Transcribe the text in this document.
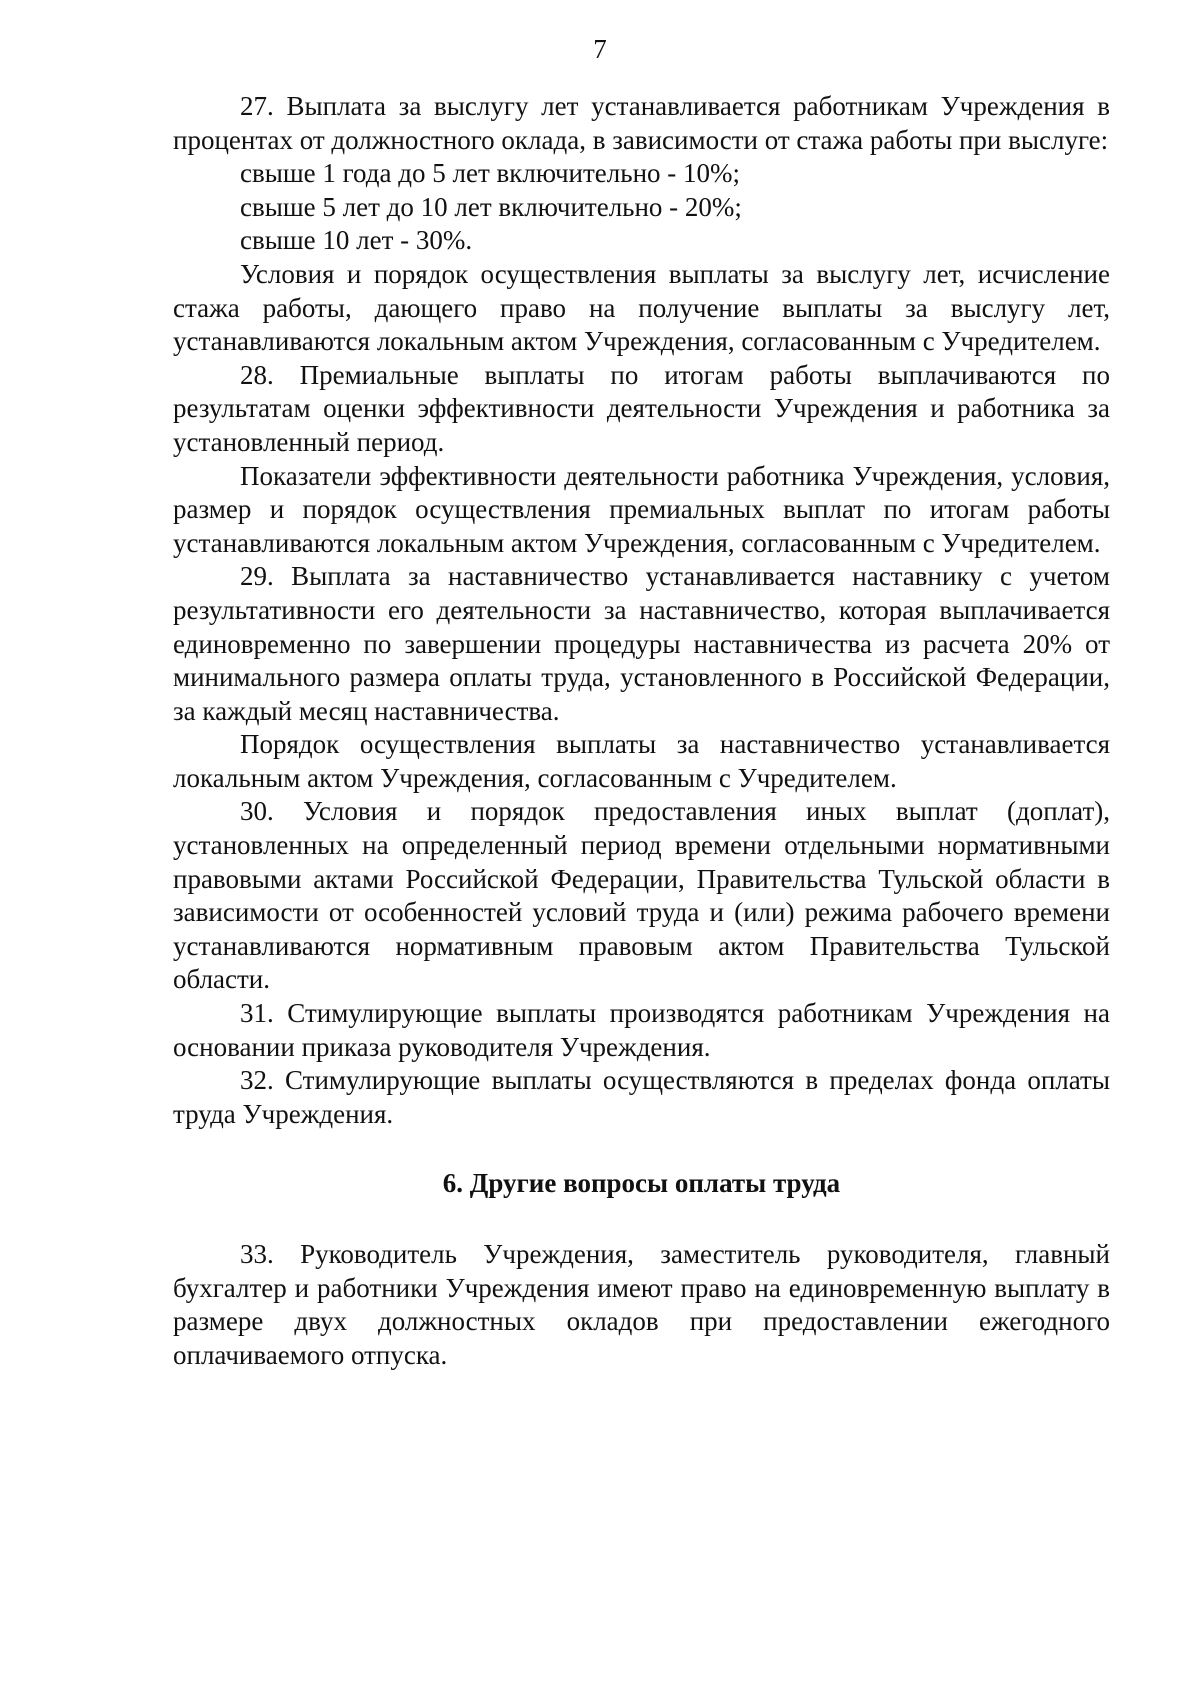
7

27. Выплата за выслугу лет устанавливается работникам Учреждения в процентах от должностного оклада, в зависимости от стажа работы при выслуге:

свыше 1 года до 5 лет включительно - 10%;

свыше 5 лет до 10 лет включительно - 20%;

свыше 10 лет - 30%.

Условия и порядок осуществления выплаты за выслугу лет, исчисление стажа работы, дающего право на получение выплаты за выслугу лет, устанавливаются локальным актом Учреждения, согласованным с Учредителем.

28. Премиальные выплаты по итогам работы выплачиваются по результатам оценки эффективности деятельности Учреждения и работника за установленный период.

Показатели эффективности деятельности работника Учреждения, условия, размер и порядок осуществления премиальных выплат по итогам работы устанавливаются локальным актом Учреждения, согласованным с Учредителем.

29. Выплата за наставничество устанавливается наставнику с учетом результативности его деятельности за наставничество, которая выплачивается единовременно по завершении процедуры наставничества из расчета 20% от минимального размера оплаты труда, установленного в Российской Федерации, за каждый месяц наставничества.

Порядок осуществления выплаты за наставничество устанавливается локальным актом Учреждения, согласованным с Учредителем.

30. Условия и порядок предоставления иных выплат (доплат), установленных на определенный период времени отдельными нормативными правовыми актами Российской Федерации, Правительства Тульской области в зависимости от особенностей условий труда и (или) режима рабочего времени устанавливаются нормативным правовым актом Правительства Тульской области.

31. Стимулирующие выплаты производятся работникам Учреждения на основании приказа руководителя Учреждения.

32. Стимулирующие выплаты осуществляются в пределах фонда оплаты труда Учреждения.

6. Другие вопросы оплаты труда

33. Руководитель Учреждения, заместитель руководителя, главный бухгалтер и работники Учреждения имеют право на единовременную выплату в размере двух должностных окладов при предоставлении ежегодного оплачиваемого отпуска.
